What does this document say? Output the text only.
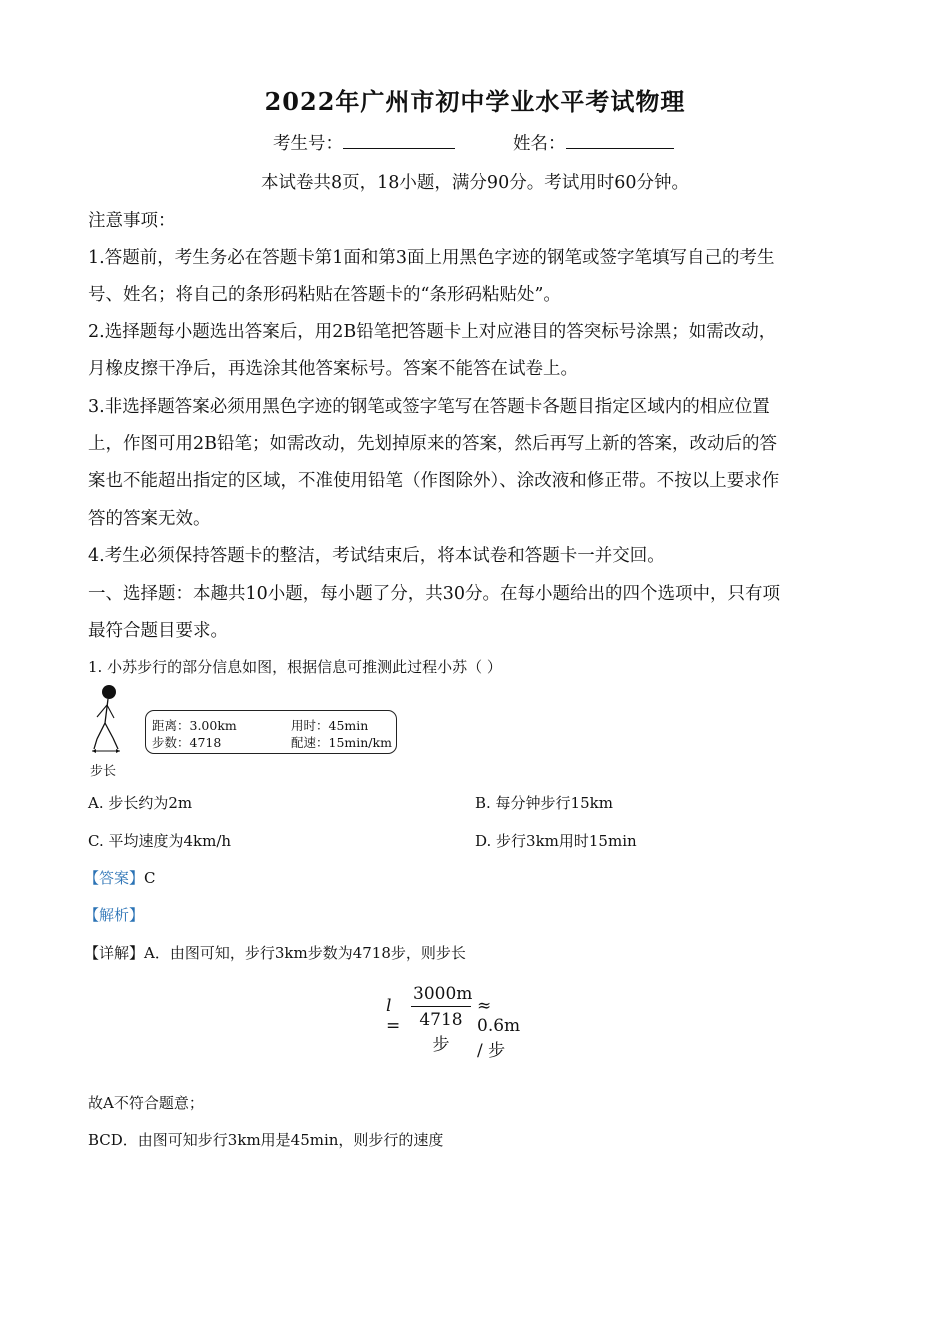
2022年广州市初中学业水平考试物理
考生号：	姓名：
本试卷共8页，18小题，满分90分。考试用时60分钟。
注意事项：
1.答题前，考生务必在答题卡第1面和第3面上用黑色字迹的钢笔或签字笔填写自己的考生
号、姓名；将自己的条形码粘贴在答题卡的“条形码粘贴处”。
2.选择题每小题选出答案后，用2B铅笔把答题卡上对应港目的答突标号涂黑；如需改动，
月橡皮擦干净后，再选涂其他答案标号。答案不能答在试卷上。
3.非选择题答案必须用黑色字迹的钢笔或签字笔写在答题卡各题目指定区域内的相应位置
上，作图可用2B铅笔；如需改动，先划掉原来的答案，然后再写上新的答案，改动后的答
案也不能超出指定的区域，不准使用铅笔（作图除外）、涂改液和修正带。不按以上要求作
答的答案无效。
4.考生必须保持答题卡的整洁，考试结束后，将本试卷和答题卡一并交回。
一、选择题：本趣共10小题，每小题了分，共30分。在每小题给出的四个选项中，只有项
最符合题目要求。
1. 小苏步行的部分信息如图，根据信息可推测此过程小苏（ ）
步长
距离：3.00km	用时：45min
步数：4718	配速：15min/km
A. 步长约为2m	B. 每分钟步行15km
C. 平均速度为4km/h	D. 步行3km用时15min
【答案】C
【解析】
【详解】A．由图可知，步行3km步数为4718步，则步长
l =
3000m
4718步
≈ 0.6m / 步
故A不符合题意；
BCD．由图可知步行3km用是45min，则步行的速度
